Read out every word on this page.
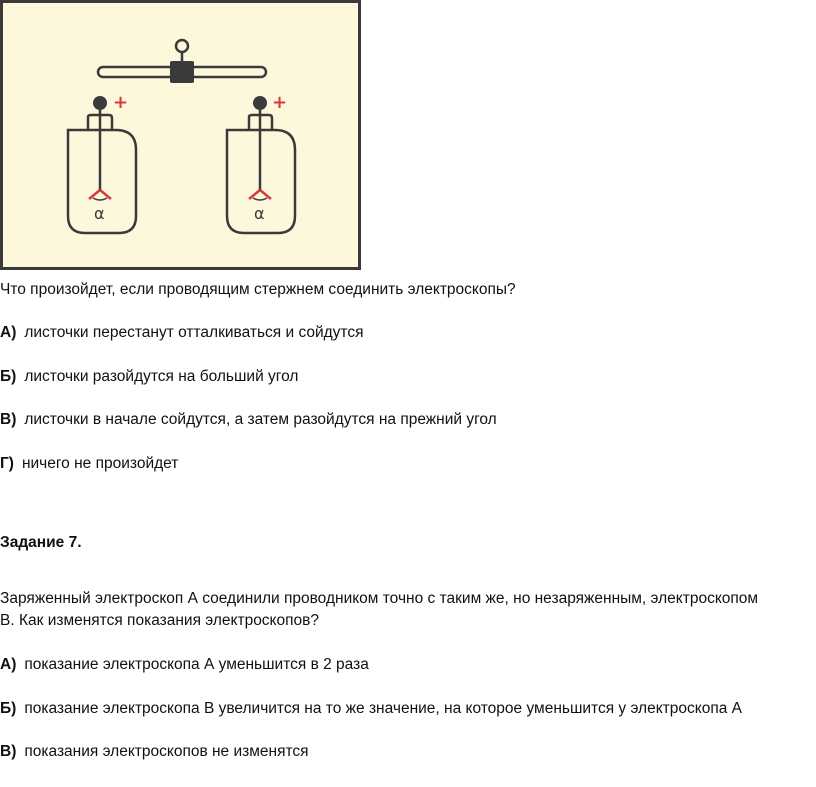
+
α
+
α
Что произойдет, если проводящим стержнем соединить электроскопы?
А) листочки перестанут отталкиваться и сойдутся
Б) листочки разойдутся на больший угол
В) листочки в начале сойдутся, а затем разойдутся на прежний угол
Г) ничего не произойдет
Задание 7.
Заряженный электроскоп А соединили проводником точно с таким же, но незаряженным, электроскопом
В. Как изменятся показания электроскопов?
А) показание электроскопа А уменьшится в 2 раза
Б) показание электроскопа В увеличится на то же значение, на которое уменьшится у электроскопа А
В) показания электроскопов не изменятся
